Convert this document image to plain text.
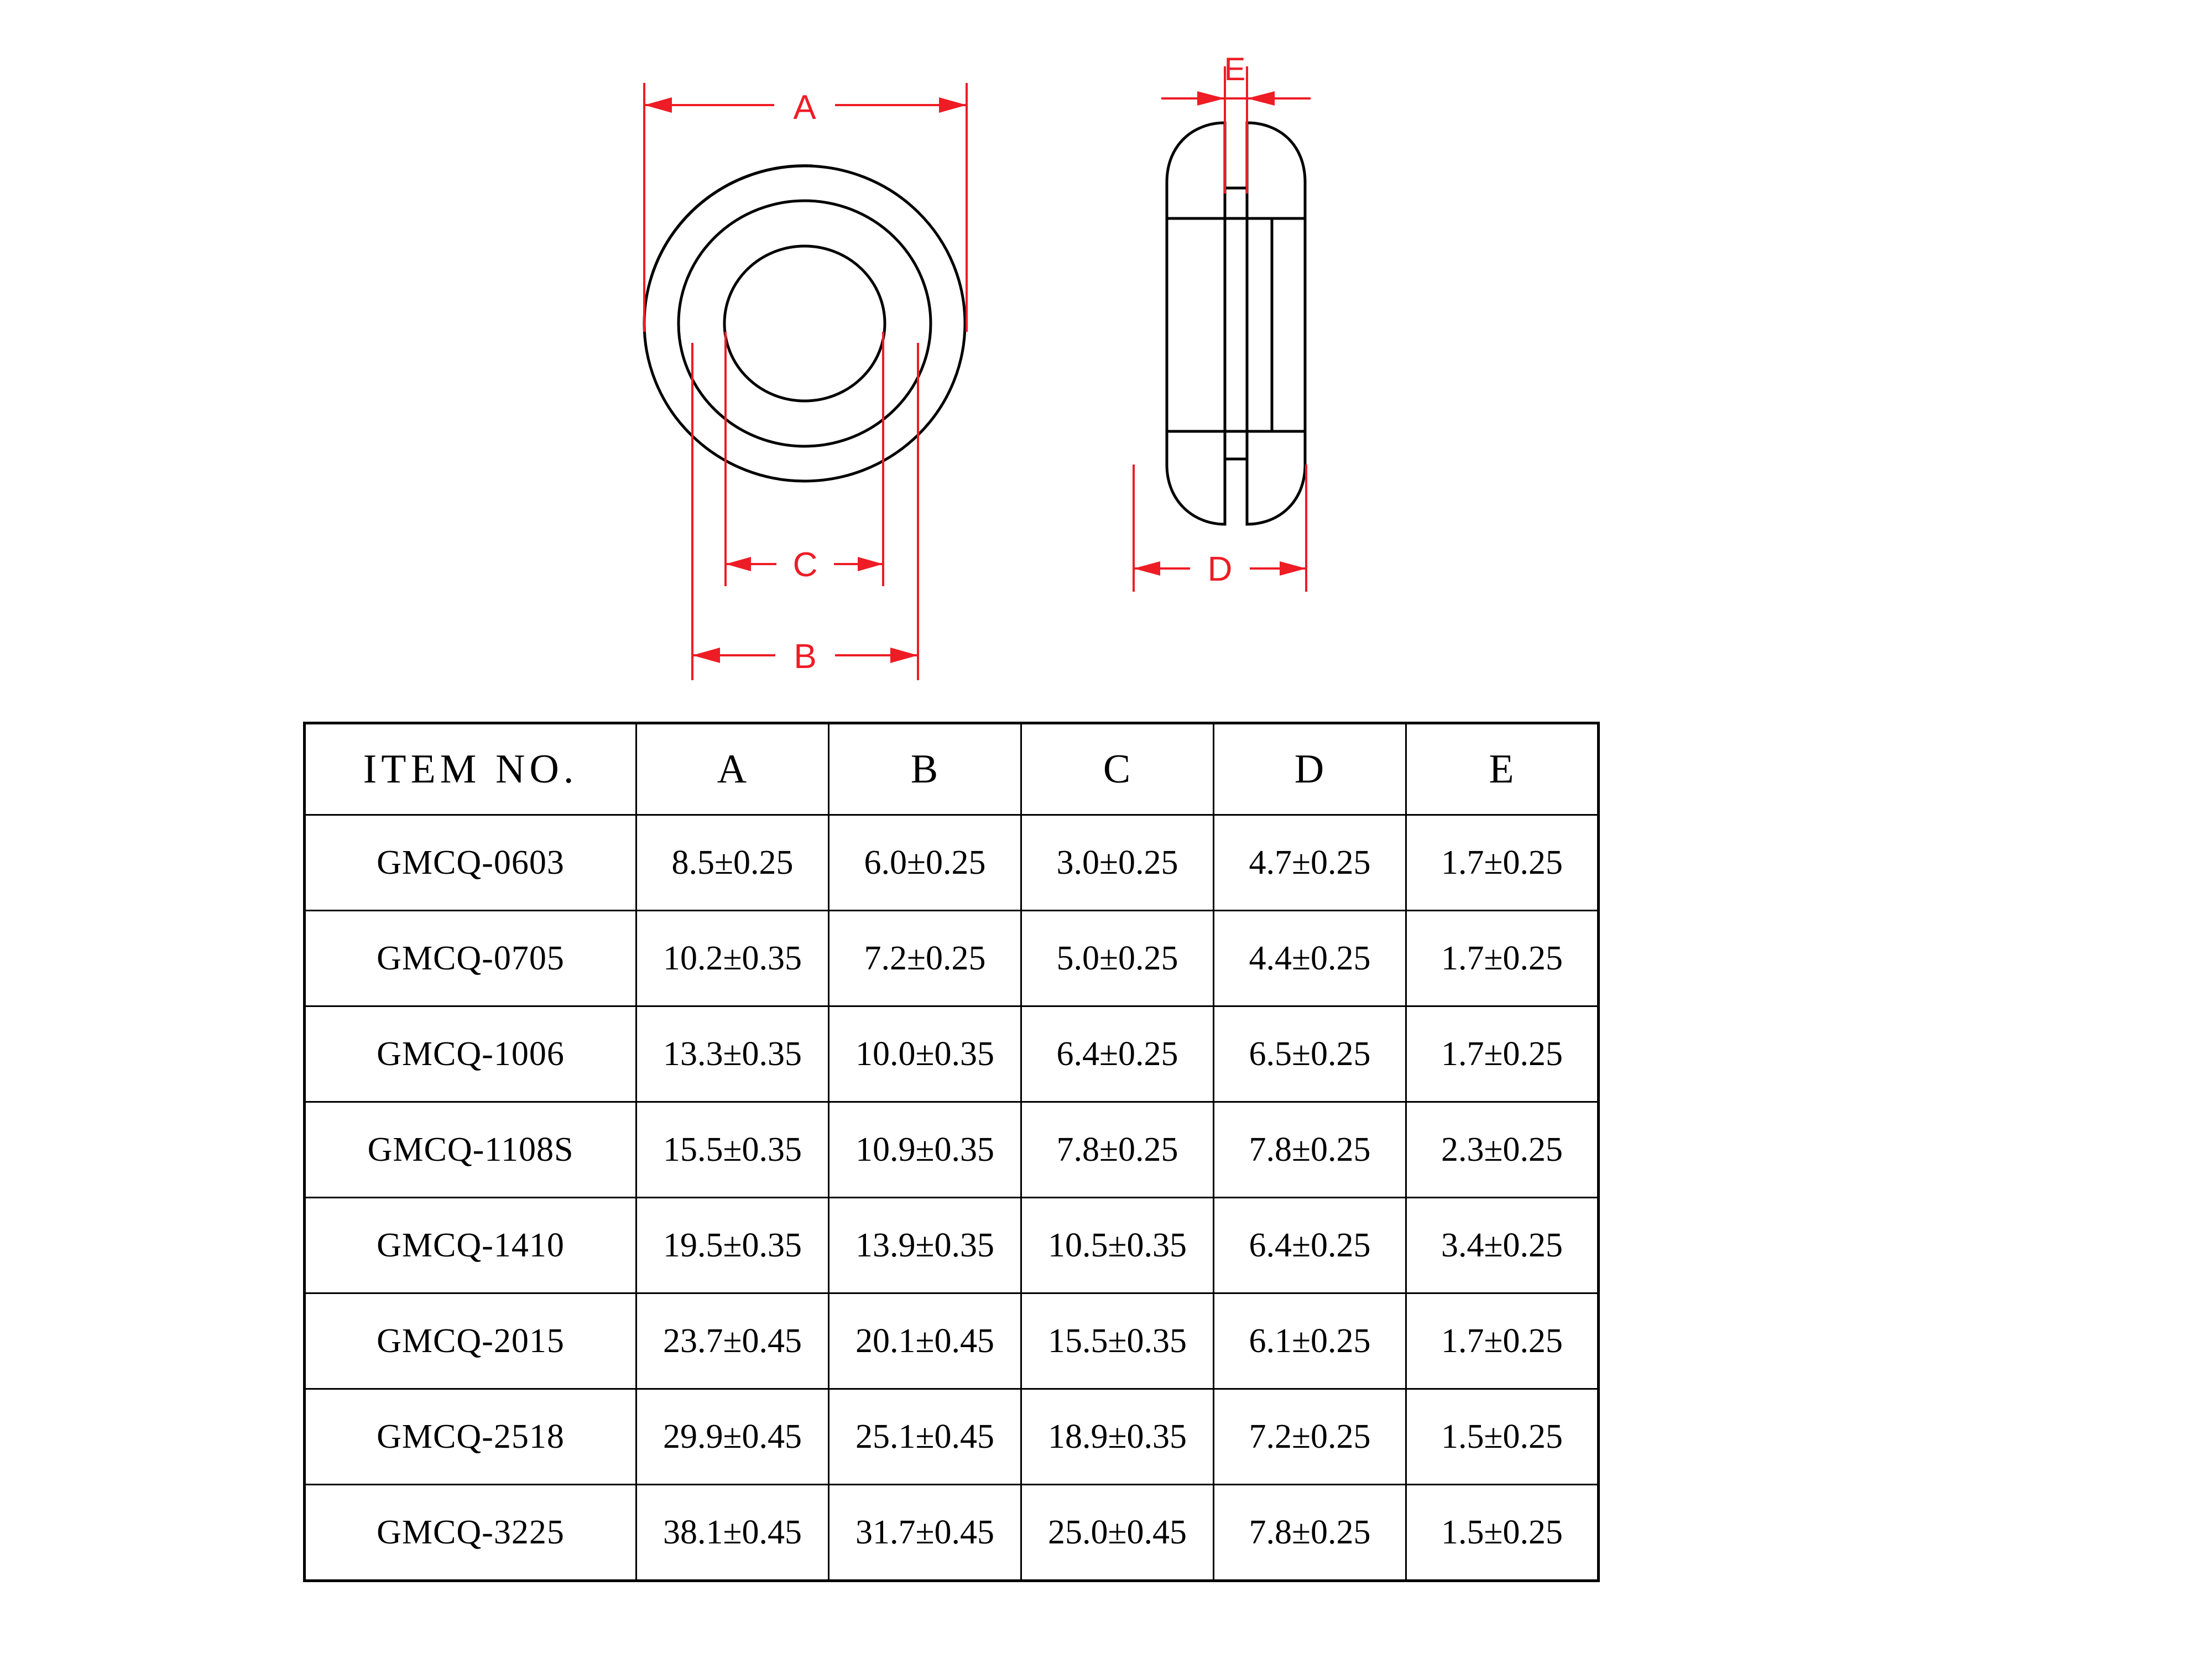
A
B
C	D
E
ITEM NO.	A	B	C	D	E
GMCQ-0603	8.5±0.25	6.0±0.25	3.0±0.25	4.7±0.25	1.7±0.25
GMCQ-0705	10.2±0.35	7.2±0.25	5.0±0.25	4.4±0.25	1.7±0.25
GMCQ-1006	13.3±0.35	10.0±0.35	6.4±0.25	6.5±0.25	1.7±0.25
GMCQ-1108S	15.5±0.35	10.9±0.35	7.8±0.25	7.8±0.25	2.3±0.25
GMCQ-1410	19.5±0.35	13.9±0.35	10.5±0.35	6.4±0.25	3.4±0.25
GMCQ-2015	23.7±0.45	20.1±0.45	15.5±0.35	6.1±0.25	1.7±0.25
GMCQ-2518	29.9±0.45	25.1±0.45	18.9±0.35	7.2±0.25	1.5±0.25
GMCQ-3225	38.1±0.45	31.7±0.45	25.0±0.45	7.8±0.25	1.5±0.25
